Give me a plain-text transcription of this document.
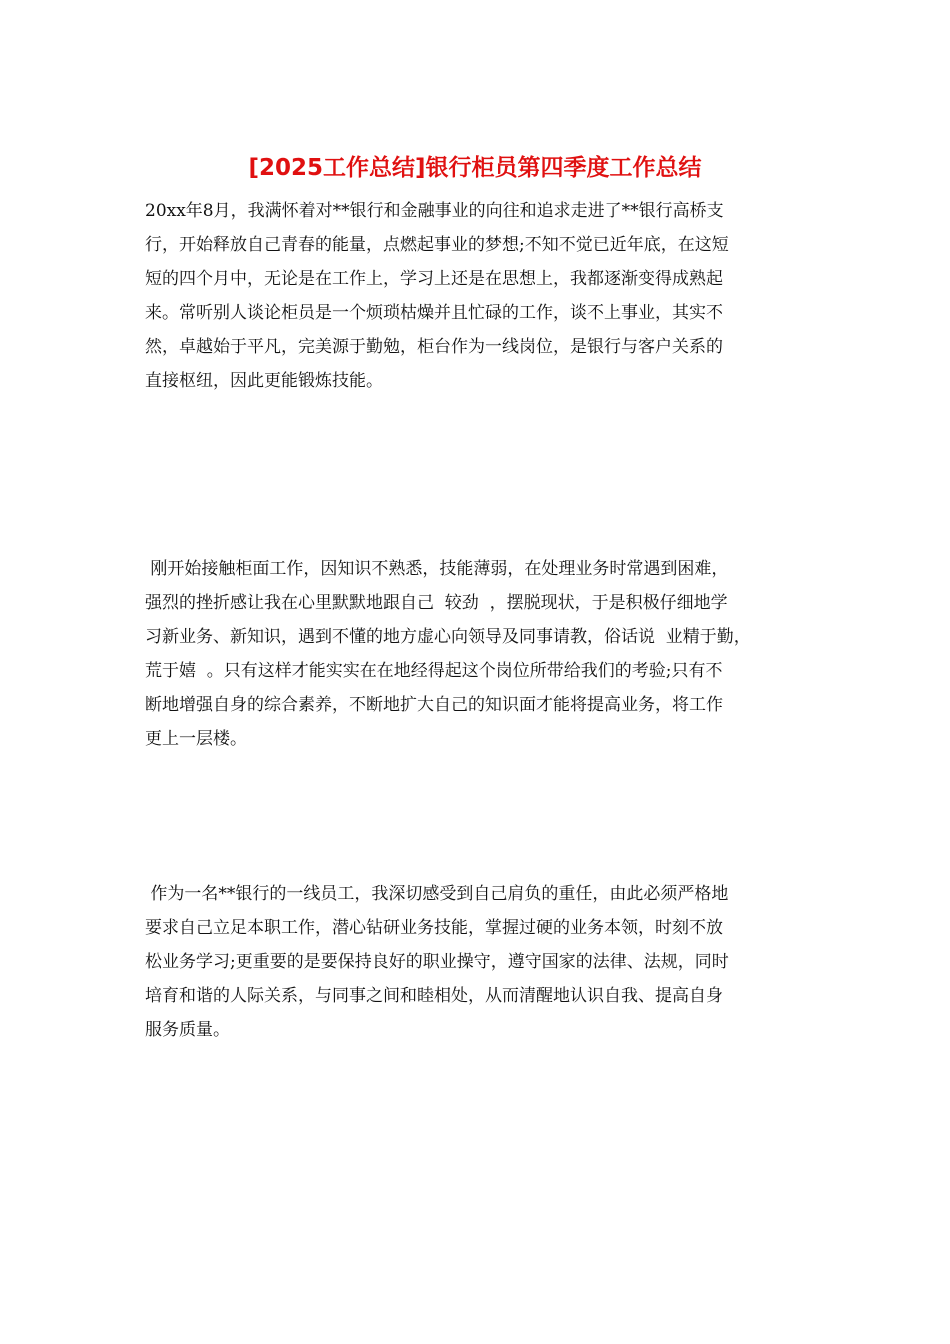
[2025工作总结]银行柜员第四季度工作总结
20xx年8月，我满怀着对**银行和金融事业的向往和追求走进了**银行高桥支
行，开始释放自己青春的能量，点燃起事业的梦想;不知不觉已近年底，在这短
短的四个月中，无论是在工作上，学习上还是在思想上，我都逐渐变得成熟起
来。常听别人谈论柜员是一个烦琐枯燥并且忙碌的工作，谈不上事业，其实不
然，卓越始于平凡，完美源于勤勉，柜台作为一线岗位，是银行与客户关系的
直接枢纽，因此更能锻炼技能。
刚开始接触柜面工作，因知识不熟悉，技能薄弱，在处理业务时常遇到困难，
强烈的挫折感让我在心里默默地跟自己  较劲  ，摆脱现状，于是积极仔细地学
习新业务、新知识，遇到不懂的地方虚心向领导及同事请教，俗话说  业精于勤，
荒于嬉  。只有这样才能实实在在地经得起这个岗位所带给我们的考验;只有不
断地增强自身的综合素养，不断地扩大自己的知识面才能将提高业务，将工作
更上一层楼。
作为一名**银行的一线员工，我深切感受到自己肩负的重任，由此必须严格地
要求自己立足本职工作，潜心钻研业务技能，掌握过硬的业务本领，时刻不放
松业务学习;更重要的是要保持良好的职业操守，遵守国家的法律、法规，同时
培育和谐的人际关系，与同事之间和睦相处，从而清醒地认识自我、提高自身
服务质量。
